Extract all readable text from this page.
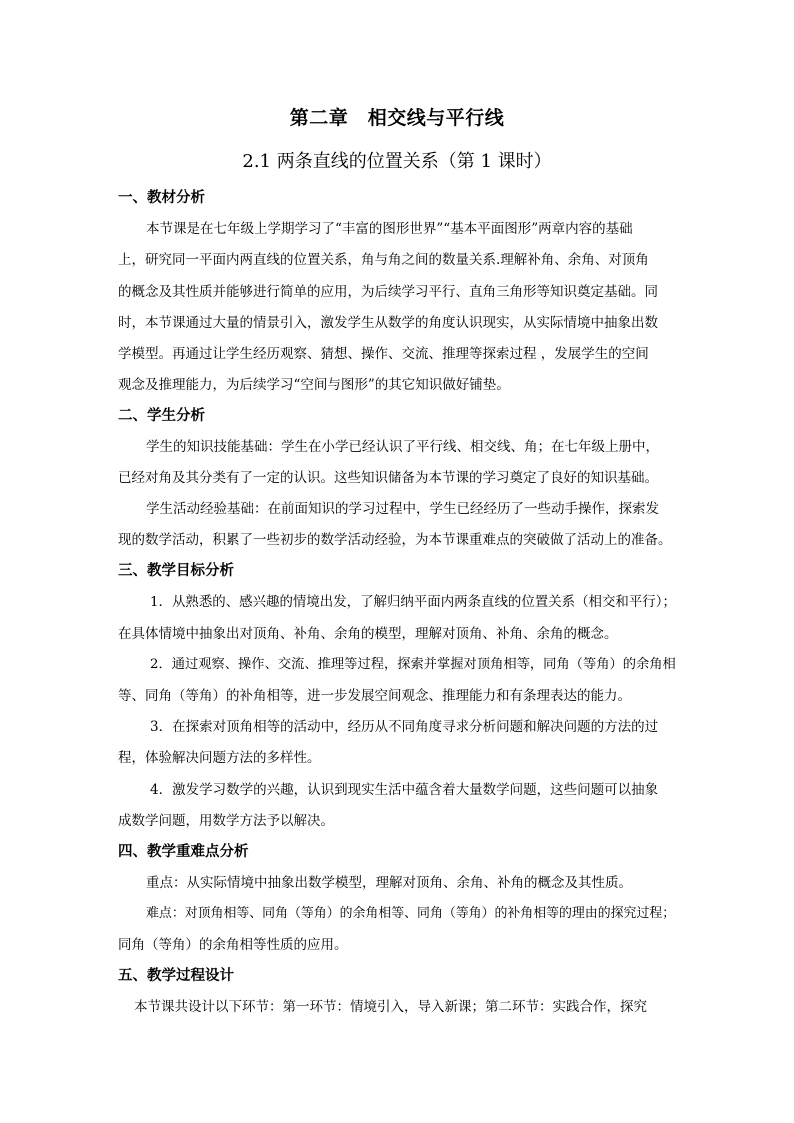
第二章　相交线与平行线
2.1 两条直线的位置关系（第 1 课时）
一、教材分析
本节课是在七年级上学期学习了“丰富的图形世界”“基本平面图形”两章内容的基础
上，研究同一平面内两直线的位置关系，角与角之间的数量关系.理解补角、余角、对顶角
的概念及其性质并能够进行简单的应用，为后续学习平行、直角三角形等知识奠定基础。同
时，本节课通过大量的情景引入，激发学生从数学的角度认识现实，从实际情境中抽象出数
学模型。再通过让学生经历观察、猜想、操作、交流、推理等探索过程 ，发展学生的空间
观念及推理能力，为后续学习“空间与图形”的其它知识做好铺垫。
二、学生分析
学生的知识技能基础：学生在小学已经认识了平行线、相交线、角；在七年级上册中，
已经对角及其分类有了一定的认识。这些知识储备为本节课的学习奠定了良好的知识基础。
学生活动经验基础：在前面知识的学习过程中，学生已经经历了一些动手操作，探索发
现的数学活动，积累了一些初步的数学活动经验，为本节课重难点的突破做了活动上的准备。
三、教学目标分析
1．从熟悉的、感兴趣的情境出发，了解归纳平面内两条直线的位置关系（相交和平行）；
在具体情境中抽象出对顶角、补角、余角的模型，理解对顶角、补角、余角的概念。
2．通过观察、操作、交流、推理等过程，探索并掌握对顶角相等，同角（等角）的余角相
等、同角（等角）的补角相等，进一步发展空间观念、推理能力和有条理表达的能力。
3．在探索对顶角相等的活动中，经历从不同角度寻求分析问题和解决问题的方法的过
程，体验解决问题方法的多样性。
4．激发学习数学的兴趣，认识到现实生活中蕴含着大量数学问题，这些问题可以抽象
成数学问题，用数学方法予以解决。
四、教学重难点分析
重点：从实际情境中抽象出数学模型，理解对顶角、余角、补角的概念及其性质。
难点：对顶角相等、同角（等角）的余角相等、同角（等角）的补角相等的理由的探究过程；
同角（等角）的余角相等性质的应用。
五、教学过程设计
本节课共设计以下环节：第一环节：情境引入，导入新课；第二环节：实践合作，探究
